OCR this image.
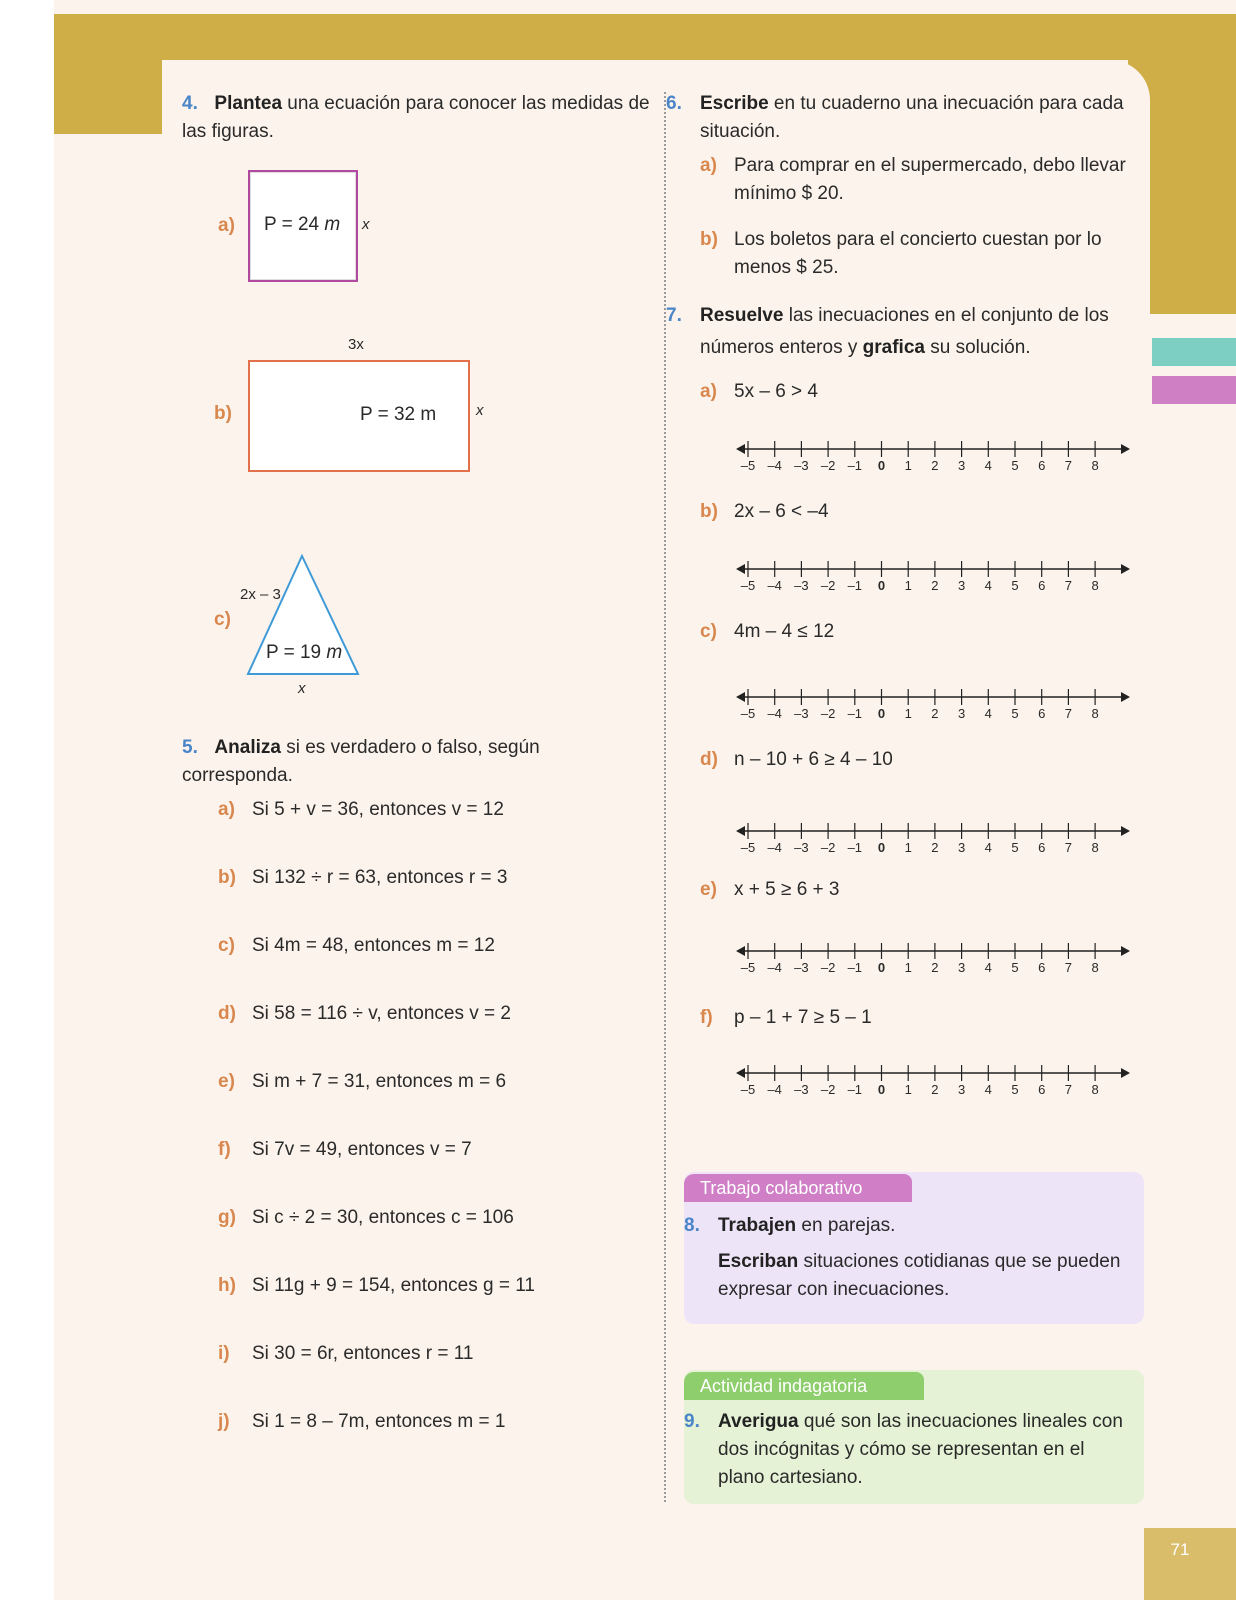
71
4. Plantea una ecuación para conocer las medidas de las figuras.
a) P = 24 m x
b)
3x
P = 32 m	x
c)
2x – 3
P = 19 m
x
5. Analiza si es verdadero o falso, según corresponda.
a) Si 5 + v = 36, entonces v = 12
b) Si 132 ÷ r = 63, entonces r = 3
c) Si 4m = 48, entonces m = 12
d) Si 58 = 116 ÷ v, entonces v = 2
e) Si m + 7 = 31, entonces m = 6
f) Si 7v = 49, entonces v = 7
g) Si c ÷ 2 = 30, entonces c = 106
h) Si 11g + 9 = 154, entonces g = 11
i) Si 30 = 6r, entonces r = 11
j) Si 1 = 8 – 7m, entonces m = 1
6. Escribe en tu cuaderno una inecuación para cada situación.
a) Para comprar en el supermercado, debo llevar mínimo $ 20.
b) Los boletos para el concierto cuestan por lo menos $ 25.
7. Resuelve las inecuaciones en el conjunto de los números enteros y grafica su solución.
a) 5x – 6 > 4
–5 –4 –3 –2 –1	0	1	2	3	4	5	6	7	8
b) 2x – 6 < –4
–5 –4 –3 –2 –1	0	1	2	3	4	5	6	7	8
c) 4m – 4 ≤ 12
–5 –4 –3 –2 –1	0	1	2	3	4	5	6	7	8
d) n – 10 + 6 ≥ 4 – 10
–5 –4 –3 –2 –1	0	1	2	3	4	5	6	7	8
e) x + 5 ≥ 6 + 3
–5 –4 –3 –2 –1	0	1	2	3	4	5	6	7	8
f) p – 1 + 7 ≥ 5 – 1
–5 –4 –3 –2 –1	0	1	2	3	4	5	6	7	8
Trabajo colaborativo
8. Trabajen en parejas.
Escriban situaciones cotidianas que se pueden expresar con inecuaciones.
Actividad indagatoria
9. Averigua qué son las inecuaciones lineales con dos incógnitas y cómo se representan en el plano cartesiano.
